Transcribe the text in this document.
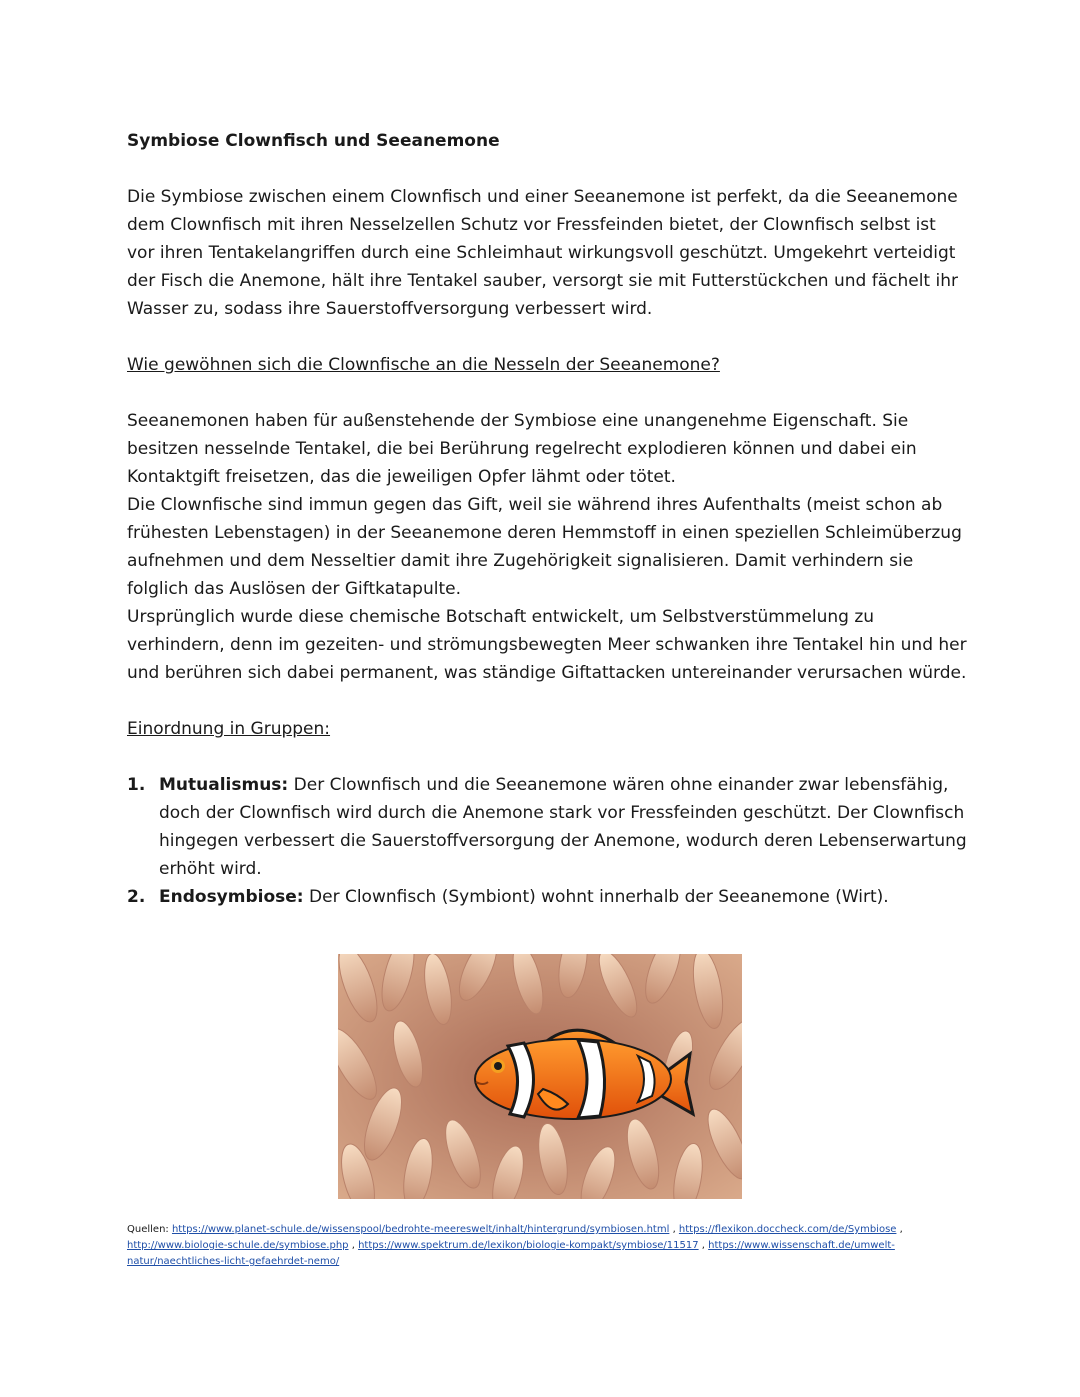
Symbiose Clownfisch und Seeanemone

Die Symbiose zwischen einem Clownfisch und einer Seeanemone ist perfekt, da die Seeanemone dem Clownfisch mit ihren Nesselzellen Schutz vor Fressfeinden bietet, der Clownfisch selbst ist vor ihren Tentakelangriffen durch eine Schleimhaut wirkungsvoll geschützt. Umgekehrt verteidigt der Fisch die Anemone, hält ihre Tentakel sauber, versorgt sie mit Futterstückchen und fächelt ihr Wasser zu, sodass ihre Sauerstoffversorgung verbessert wird.

Wie gewöhnen sich die Clownfische an die Nesseln der Seeanemone?

Seeanemonen haben für außenstehende der Symbiose eine unangenehme Eigenschaft. Sie besitzen nesselnde Tentakel, die bei Berührung regelrecht explodieren können und dabei ein Kontaktgift freisetzen, das die jeweiligen Opfer lähmt oder tötet.

Die Clownfische sind immun gegen das Gift, weil sie während ihres Aufenthalts (meist schon ab frühesten Lebenstagen) in der Seeanemone deren Hemmstoff in einen speziellen Schleimüberzug aufnehmen und dem Nesseltier damit ihre Zugehörigkeit signalisieren. Damit verhindern sie folglich das Auslösen der Giftkatapulte.

Ursprünglich wurde diese chemische Botschaft entwickelt, um Selbstverstümmelung zu verhindern, denn im gezeiten- und strömungsbewegten Meer schwanken ihre Tentakel hin und her und berühren sich dabei permanent, was ständige Giftattacken untereinander verursachen würde.

Einordnung in Gruppen:

1. Mutualismus: Der Clownfisch und die Seeanemone wären ohne einander zwar lebensfähig, doch der Clownfisch wird durch die Anemone stark vor Fressfeinden geschützt. Der Clownfisch hingegen verbessert die Sauerstoffversorgung der Anemone, wodurch deren Lebenserwartung erhöht wird.
2. Endosymbiose: Der Clownfisch (Symbiont) wohnt innerhalb der Seeanemone (Wirt).
Quellen: https://www.planet-schule.de/wissenspool/bedrohte-meereswelt/inhalt/hintergrund/symbiosen.html , https://flexikon.doccheck.com/de/Symbiose , http://www.biologie-schule.de/symbiose.php , https://www.spektrum.de/lexikon/biologie-kompakt/symbiose/11517 , https://www.wissenschaft.de/umwelt-natur/naechtliches-licht-gefaehrdet-nemo/
